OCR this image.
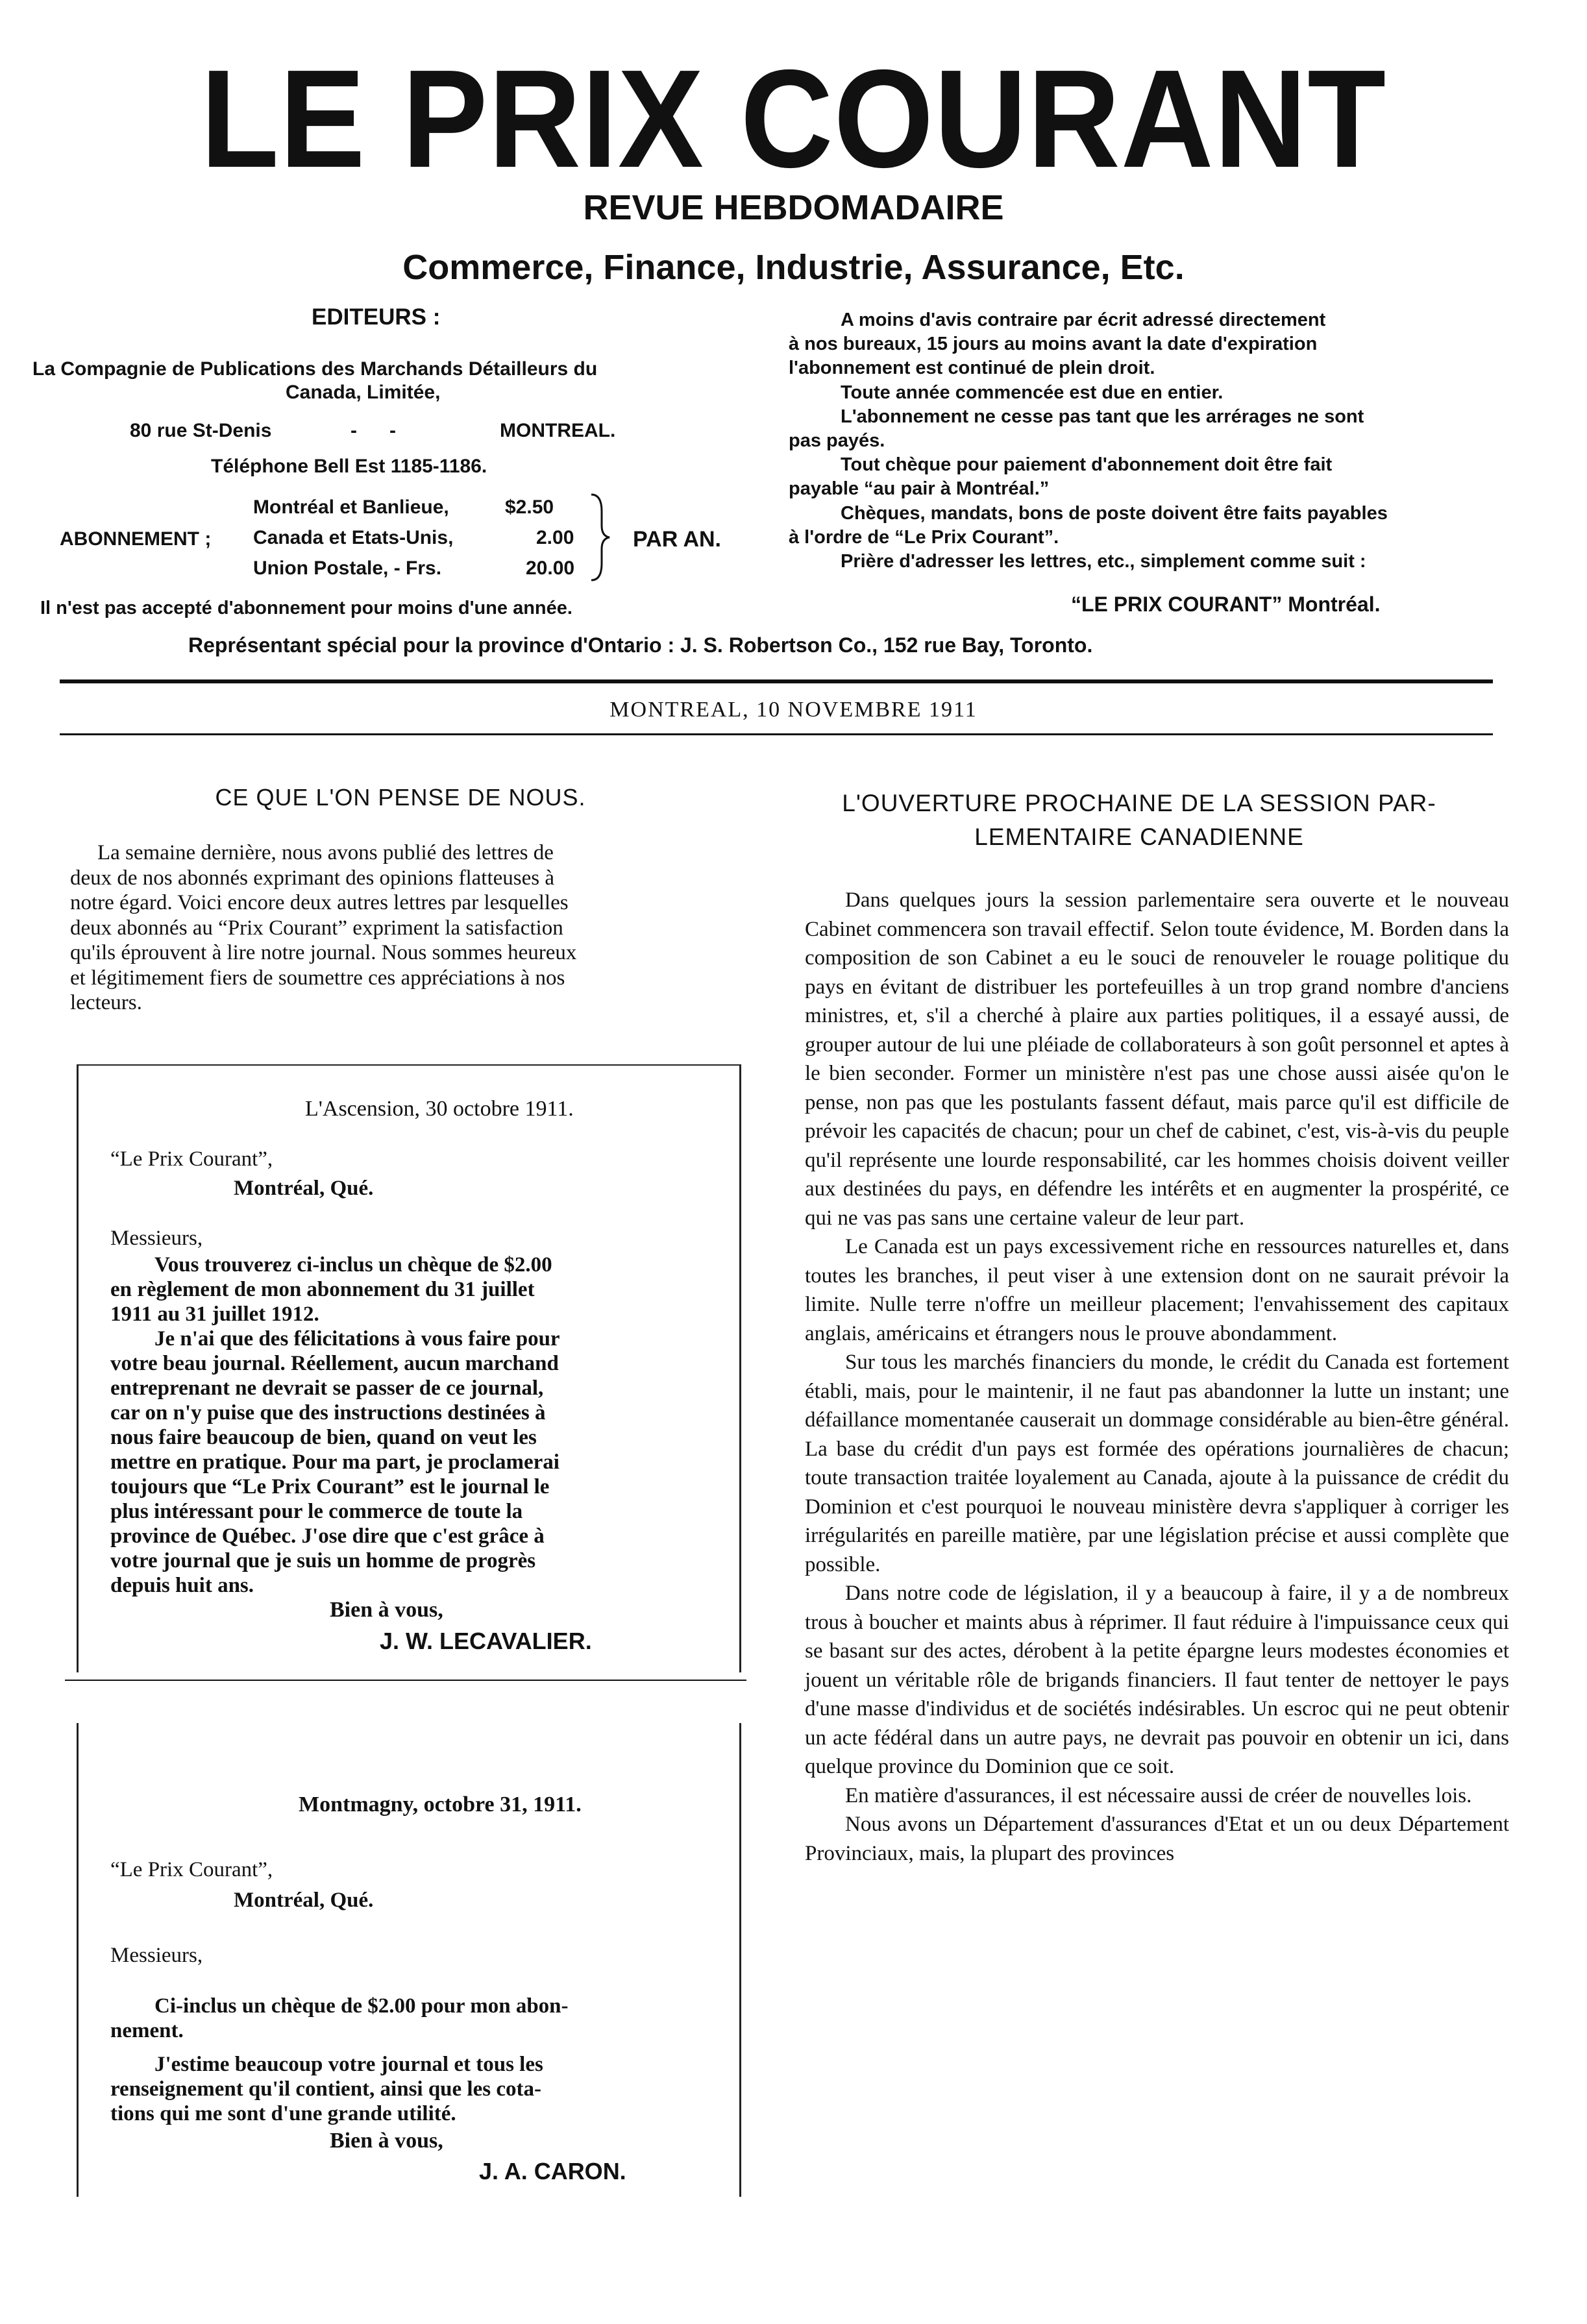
LE PRIX COURANT
REVUE HEBDOMADAIRE
Commerce, Finance, Industrie, Assurance, Etc.
EDITEURS :
La Compagnie de Publications des Marchands Détailleurs du
Canada, Limitée,
80 rue St-Denis	-      -	MONTREAL.
Téléphone Bell Est 1185-1186.
ABONNEMENT ;
Montréal et Banlieue,	$2.50
Canada et Etats-Unis,	2.00
Union Postale, - Frs.	20.00
PAR AN.
Il n'est pas accepté d'abonnement pour moins d'une année.
A moins d'avis contraire par écrit adressé directement
à nos bureaux, 15 jours au moins avant la date d'expiration
l'abonnement est continué de plein droit.
Toute année commencée est due en entier.
L'abonnement ne cesse pas tant que les arrérages ne sont
pas payés.
Tout chèque pour paiement d'abonnement doit être fait
payable “au pair à Montréal.”
Chèques, mandats, bons de poste doivent être faits payables
à l'ordre de “Le Prix Courant”.
Prière d'adresser les lettres, etc., simplement comme suit :
“LE PRIX COURANT” Montréal.
Représentant spécial pour la province d'Ontario : J. S. Robertson Co., 152 rue Bay, Toronto.
MONTREAL, 10 NOVEMBRE 1911
CE QUE L'ON PENSE DE NOUS.
La semaine dernière, nous avons publié des lettres de
deux de nos abonnés exprimant des opinions flatteuses à
notre égard. Voici encore deux autres lettres par lesquelles
deux abonnés au “Prix Courant” expriment la satisfaction
qu'ils éprouvent à lire notre journal. Nous sommes heureux
et légitimement fiers de soumettre ces appréciations à nos
lecteurs.
L'Ascension, 30 octobre 1911.
“Le Prix Courant”,
Montréal, Qué.
Messieurs,
Vous trouverez ci-inclus un chèque de $2.00
en règlement de mon abonnement du 31 juillet
1911 au 31 juillet 1912.
Je n'ai que des félicitations à vous faire pour
votre beau journal. Réellement, aucun marchand
entreprenant ne devrait se passer de ce journal,
car on n'y puise que des instructions destinées à
nous faire beaucoup de bien, quand on veut les
mettre en pratique. Pour ma part, je proclamerai
toujours que “Le Prix Courant” est le journal le
plus intéressant pour le commerce de toute la
province de Québec. J'ose dire que c'est grâce à
votre journal que je suis un homme de progrès
depuis huit ans.
Bien à vous,
J. W. LECAVALIER.
Montmagny, octobre 31, 1911.
“Le Prix Courant”,
Montréal, Qué.
Messieurs,
Ci-inclus un chèque de $2.00 pour mon abon-
nement.
J'estime beaucoup votre journal et tous les
renseignement qu'il contient, ainsi que les cota-
tions qui me sont d'une grande utilité.
Bien à vous,
J. A. CARON.
L'OUVERTURE PROCHAINE DE LA SESSION PAR-
LEMENTAIRE CANADIENNE

Dans quelques jours la session parlementaire sera ouverte et le nouveau Cabinet commencera son travail effectif. Selon toute évidence, M. Borden dans la composition de son Cabinet a eu le souci de renouveler le rouage politique du pays en évitant de distribuer les portefeuilles à un trop grand nombre d'anciens ministres, et, s'il a cherché à plaire aux parties politiques, il a essayé aussi, de grouper autour de lui une pléiade de collaborateurs à son goût personnel et aptes à le bien seconder. Former un ministère n'est pas une chose aussi aisée qu'on le pense, non pas que les postulants fassent défaut, mais parce qu'il est difficile de prévoir les capacités de chacun; pour un chef de cabinet, c'est, vis-à-vis du peuple qu'il représente une lourde responsabilité, car les hommes choisis doivent veiller aux destinées du pays, en défendre les intérêts et en augmenter la prospérité, ce qui ne vas pas sans une certaine valeur de leur part.

Le Canada est un pays excessivement riche en ressources naturelles et, dans toutes les branches, il peut viser à une extension dont on ne saurait prévoir la limite. Nulle terre n'offre un meilleur placement; l'envahissement des capitaux anglais, américains et étrangers nous le prouve abondamment.

Sur tous les marchés financiers du monde, le crédit du Canada est fortement établi, mais, pour le maintenir, il ne faut pas abandonner la lutte un instant; une défaillance momentanée causerait un dommage considérable au bien-être général. La base du crédit d'un pays est formée des opérations journalières de chacun; toute transaction traitée loyalement au Canada, ajoute à la puissance de crédit du Dominion et c'est pourquoi le nouveau ministère devra s'appliquer à corriger les irrégularités en pareille matière, par une législation précise et aussi complète que possible.

Dans notre code de législation, il y a beaucoup à faire, il y a de nombreux trous à boucher et maints abus à réprimer. Il faut réduire à l'impuissance ceux qui se basant sur des actes, dérobent à la petite épargne leurs modestes économies et jouent un véritable rôle de brigands financiers. Il faut tenter de nettoyer le pays d'une masse d'individus et de sociétés indésirables. Un escroc qui ne peut obtenir un acte fédéral dans un autre pays, ne devrait pas pouvoir en obtenir un ici, dans quelque province du Dominion que ce soit.

En matière d'assurances, il est nécessaire aussi de créer de nouvelles lois.

Nous avons un Département d'assurances d'Etat et un ou deux Département Provinciaux, mais, la plupart des provinces
